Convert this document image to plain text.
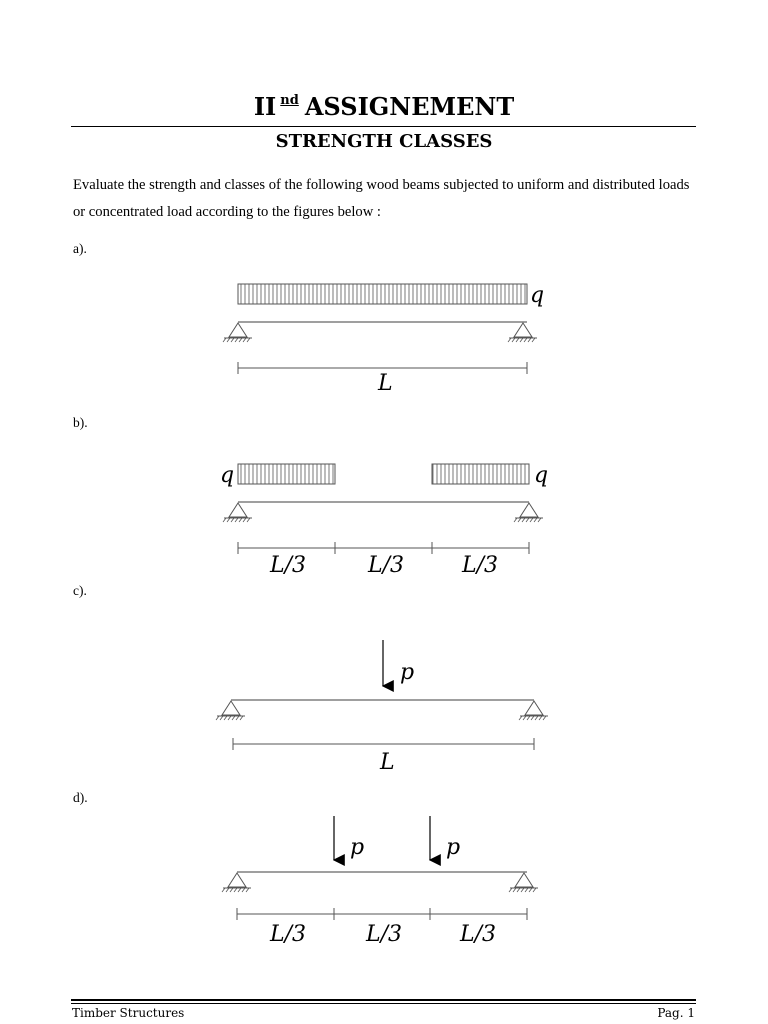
II $^{nd}$ ASSIGNEMENT
STRENGTH CLASSES
Evaluate the strength and classes of the following wood beams subjected to uniform and distributed loads or concentrated load according to the figures below :
a).
b).
c).
d).
q
L
q	q
L/3	L/3	L/3
p
L
p	p
L/3	L/3	L/3
Timber Structures	Pag. 1
